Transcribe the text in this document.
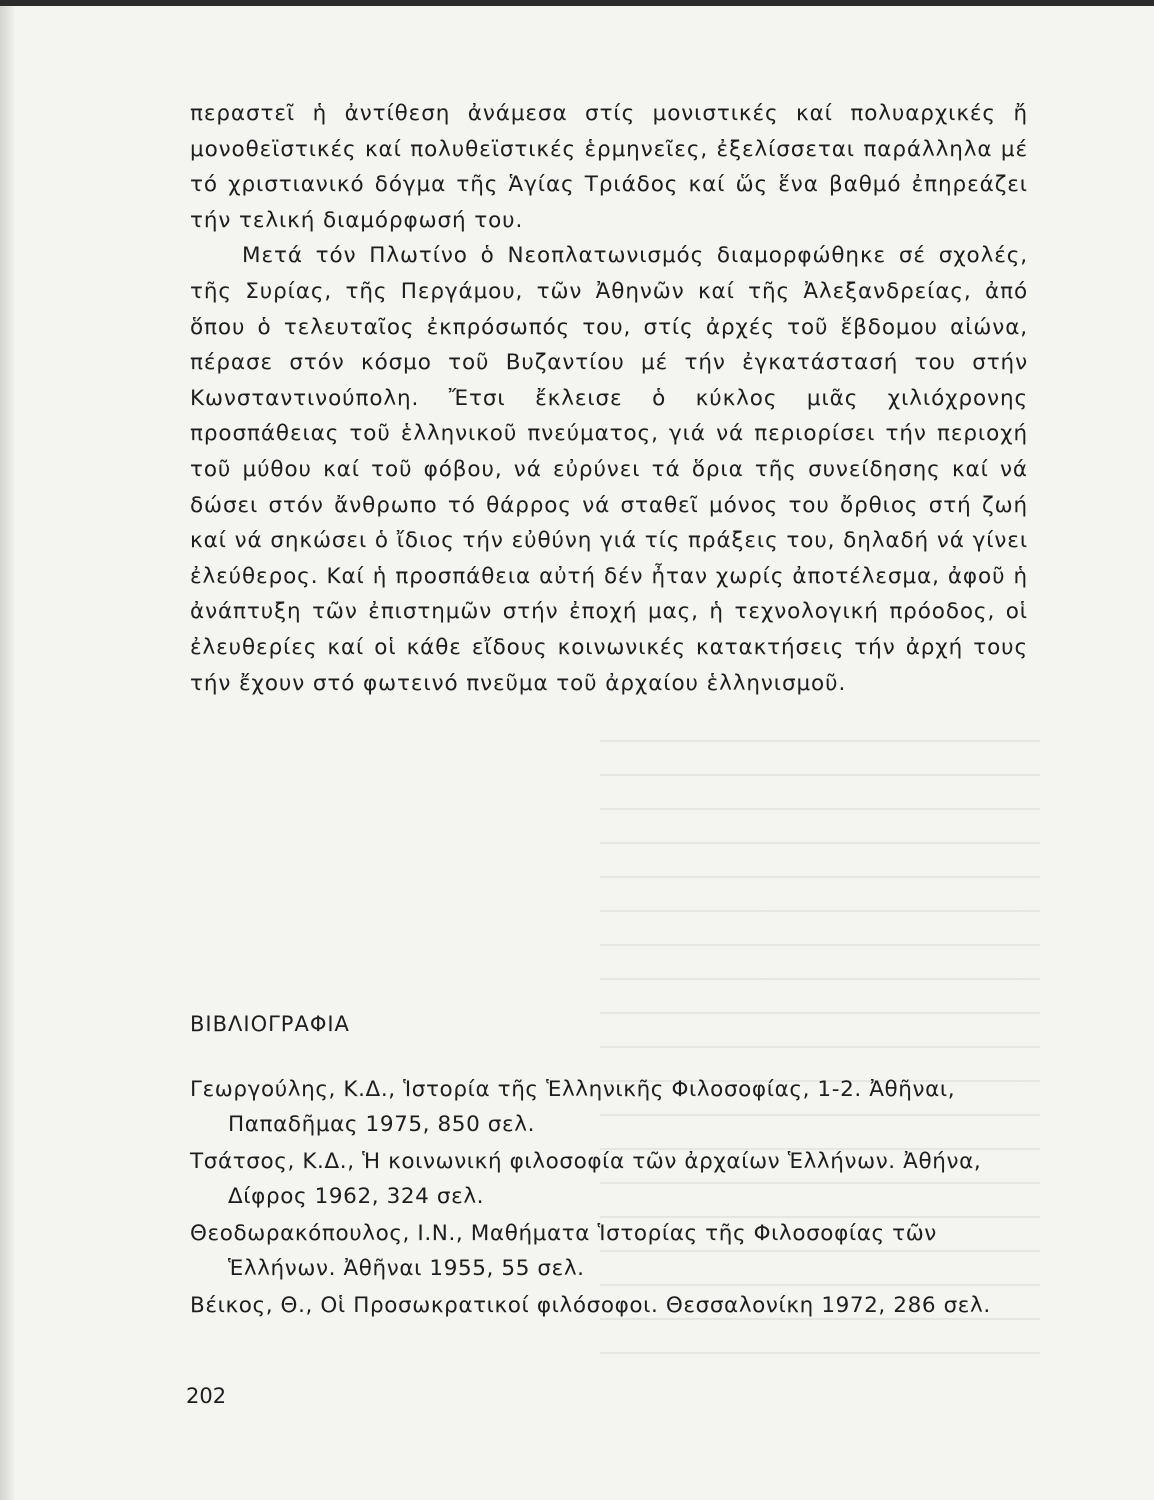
περαστεῖ ἡ ἀντίθεση ἀνάμεσα στίς μονιστικές καί πολυαρχικές ἤ μονοθεϊστικές καί πολυθεϊστικές ἑρμηνεῖες, ἐξελίσσεται παράλληλα μέ τό χριστιανικό δόγμα τῆς Ἁγίας Τριάδος καί ὥς ἕνα βαθμό ἐπηρεάζει τήν τελική διαμόρφωσή του.

Μετά τόν Πλωτίνο ὁ Νεοπλατωνισμός διαμορφώθηκε σέ σχολές, τῆς Συρίας, τῆς Περγάμου, τῶν Ἀθηνῶν καί τῆς Ἀλεξανδρείας, ἀπό ὅπου ὁ τελευταῖος ἐκπρόσωπός του, στίς ἀρχές τοῦ ἕβδομου αἰώνα, πέρασε στόν κόσμο τοῦ Βυζαντίου μέ τήν ἐγκατάστασή του στήν Κωνσταντινούπολη. Ἔτσι ἔκλεισε ὁ κύκλος μιᾶς χιλιόχρονης προσπάθειας τοῦ ἑλληνικοῦ πνεύματος, γιά νά περιορίσει τήν περιοχή τοῦ μύθου καί τοῦ φόβου, νά εὐρύνει τά ὅρια τῆς συνείδησης καί νά δώσει στόν ἄνθρωπο τό θάρρος νά σταθεῖ μόνος του ὄρθιος στή ζωή καί νά σηκώσει ὁ ἴδιος τήν εὐθύνη γιά τίς πράξεις του, δηλαδή νά γίνει ἐλεύθερος. Καί ἡ προσπάθεια αὐτή δέν ἦταν χωρίς ἀποτέλεσμα, ἀφοῦ ἡ ἀνάπτυξη τῶν ἐπιστημῶν στήν ἐποχή μας, ἡ τεχνολογική πρόοδος, οἱ ἐλευθερίες καί οἱ κάθε εἴδους κοινωνικές κατακτήσεις τήν ἀρχή τους τήν ἔχουν στό φωτεινό πνεῦμα τοῦ ἀρχαίου ἑλληνισμοῦ.

ΒΙΒΛΙΟΓΡΑΦΙΑ
Γεωργούλης, Κ.Δ., Ἱστορία τῆς Ἑλληνικῆς Φιλοσοφίας, 1-2. Ἀθῆναι, Παπαδῆμας 1975, 850 σελ.
Τσάτσος, Κ.Δ., Ἡ κοινωνική φιλοσοφία τῶν ἀρχαίων Ἑλλήνων. Ἀθήνα, Δίφρος 1962, 324 σελ.
Θεοδωρακόπουλος, Ι.Ν., Μαθήματα Ἱστορίας τῆς Φιλοσοφίας τῶν Ἑλλήνων. Ἀθῆναι 1955, 55 σελ.
Βέικος, Θ., Οἱ Προσωκρατικοί φιλόσοφοι. Θεσσαλονίκη 1972, 286 σελ.
202
